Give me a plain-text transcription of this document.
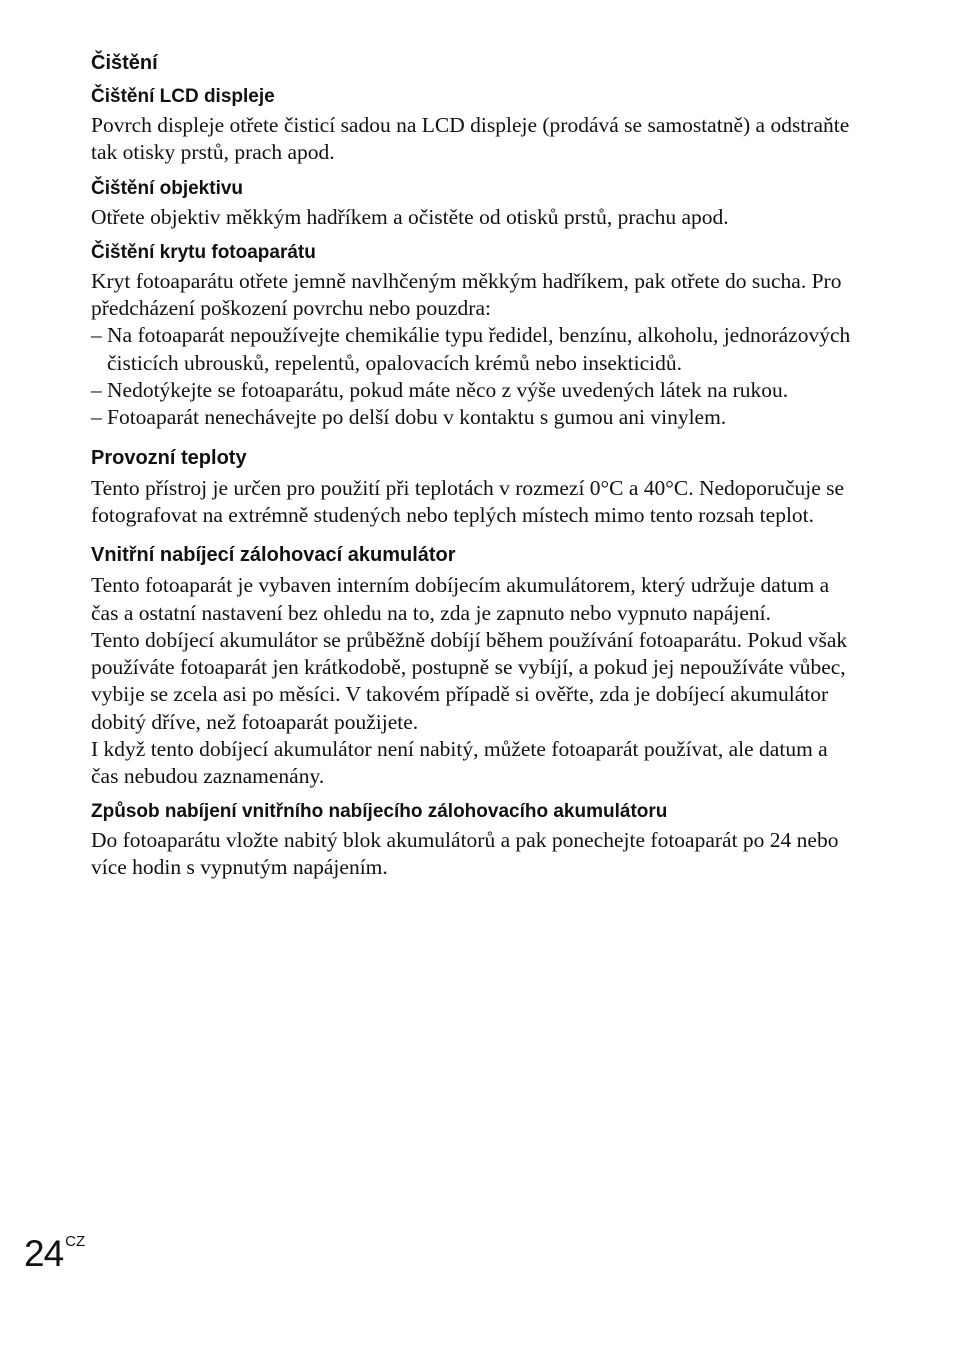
Čištění
Čištění LCD displeje

Povrch displeje otřete čisticí sadou na LCD displeje (prodává se samostatně) a odstraňte tak otisky prstů, prach apod.

Čištění objektivu

Otřete objektiv měkkým hadříkem a očistěte od otisků prstů, prachu apod.

Čištění krytu fotoaparátu

Kryt fotoaparátu otřete jemně navlhčeným měkkým hadříkem, pak otřete do sucha. Pro předcházení poškození povrchu nebo pouzdra:

– Na fotoaparát nepoužívejte chemikálie typu ředidel, benzínu, alkoholu, jednorázových čisticích ubrousků, repelentů, opalovacích krémů nebo insekticidů.
– Nedotýkejte se fotoaparátu, pokud máte něco z výše uvedených látek na rukou.
– Fotoaparát nenechávejte po delší dobu v kontaktu s gumou ani vinylem.
Provozní teploty

Tento přístroj je určen pro použití při teplotách v rozmezí 0°C a 40°C. Nedoporučuje se fotografovat na extrémně studených nebo teplých místech mimo tento rozsah teplot.

Vnitřní nabíjecí zálohovací akumulátor

Tento fotoaparát je vybaven interním dobíjecím akumulátorem, který udržuje datum a čas a ostatní nastavení bez ohledu na to, zda je zapnuto nebo vypnuto napájení.

Tento dobíjecí akumulátor se průběžně dobíjí během používání fotoaparátu. Pokud však používáte fotoaparát jen krátkodobě, postupně se vybíjí, a pokud jej nepoužíváte vůbec, vybije se zcela asi po měsíci. V takovém případě si ověřte, zda je dobíjecí akumulátor dobitý dříve, než fotoaparát použijete.

I když tento dobíjecí akumulátor není nabitý, můžete fotoaparát používat, ale datum a čas nebudou zaznamenány.

Způsob nabíjení vnitřního nabíjecího zálohovacího akumulátoru

Do fotoaparátu vložte nabitý blok akumulátorů a pak ponechejte fotoaparát po 24 nebo více hodin s vypnutým napájením.

24 CZ
